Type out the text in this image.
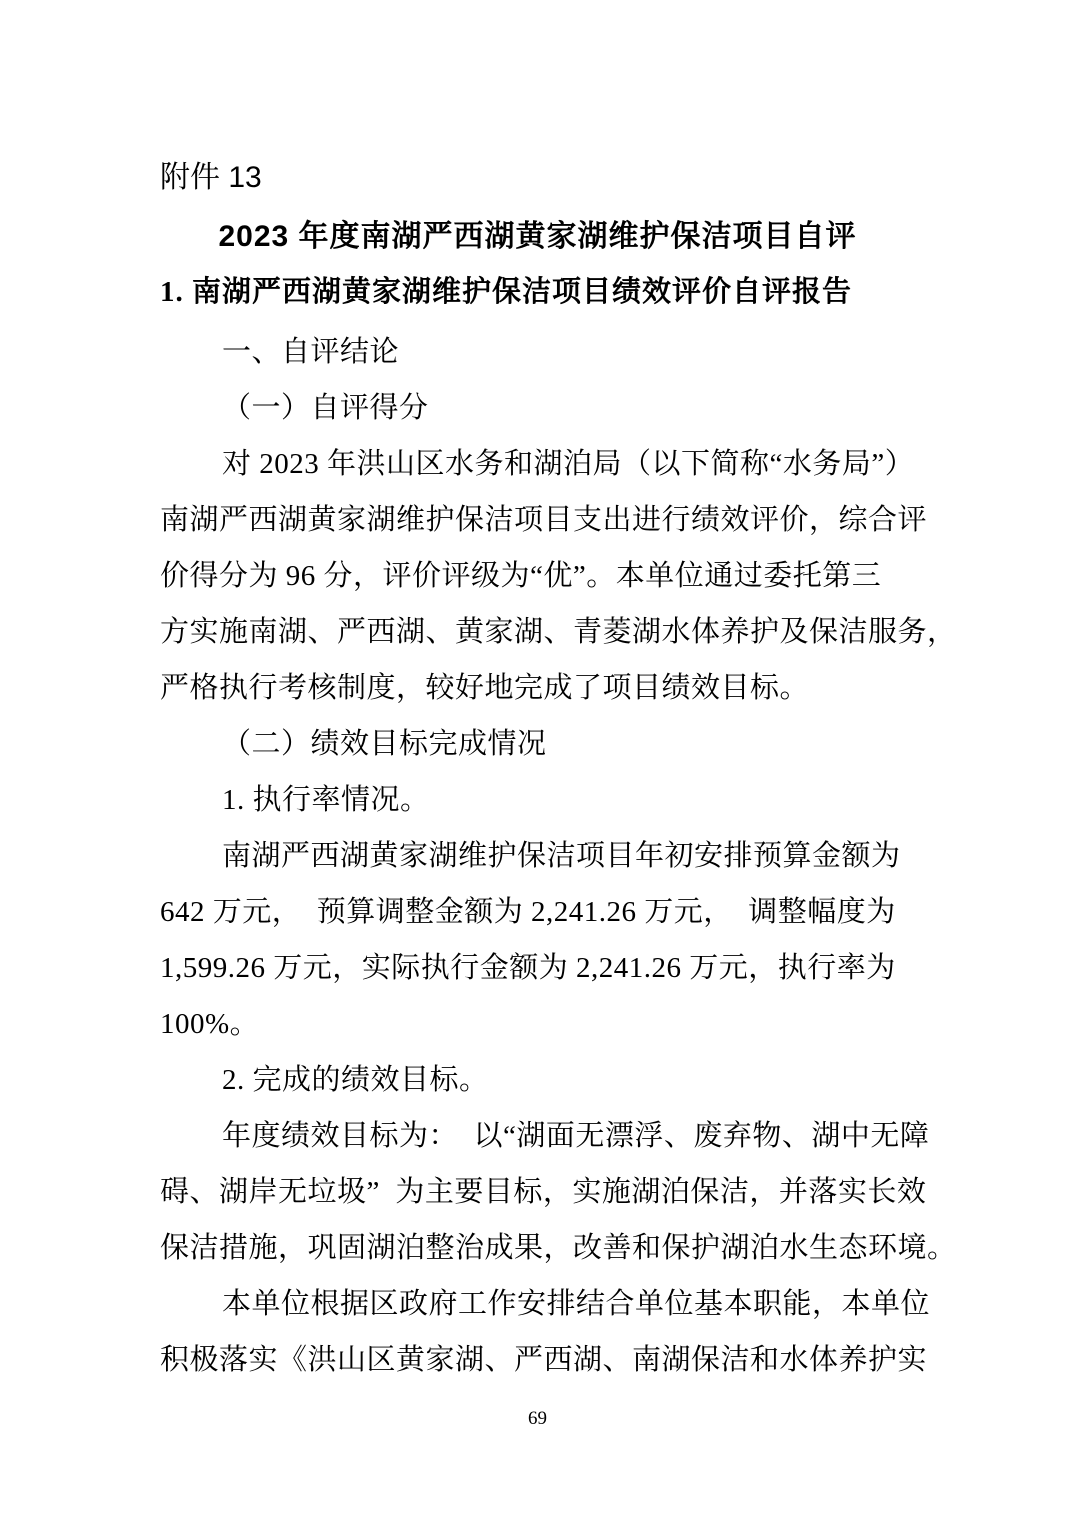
附件 13
2023 年度南湖严西湖黄家湖维护保洁项目自评
1. 南湖严西湖黄家湖维护保洁项目绩效评价自评报告
一、自评结论
（一）自评得分
对 2023 年洪山区水务和湖泊局（以下简称“水务局”）
南湖严西湖黄家湖维护保洁项目支出进行绩效评价，综合评
价得分为 96 分，评价评级为“优”。本单位通过委托第三
方实施南湖、严西湖、黄家湖、青菱湖水体养护及保洁服务，
严格执行考核制度，较好地完成了项目绩效目标。
（二）绩效目标完成情况
1. 执行率情况。
南湖严西湖黄家湖维护保洁项目年初安排预算金额为
642 万元，  预算调整金额为 2,241.26 万元，  调整幅度为
1,599.26 万元，实际执行金额为 2,241.26 万元，执行率为
100%。
2. 完成的绩效目标。
年度绩效目标为：  以“湖面无漂浮、废弃物、湖中无障
碍、湖岸无垃圾”  为主要目标，实施湖泊保洁，并落实长效
保洁措施，巩固湖泊整治成果，改善和保护湖泊水生态环境。
本单位根据区政府工作安排结合单位基本职能，本单位
积极落实《洪山区黄家湖、严西湖、南湖保洁和水体养护实
69
